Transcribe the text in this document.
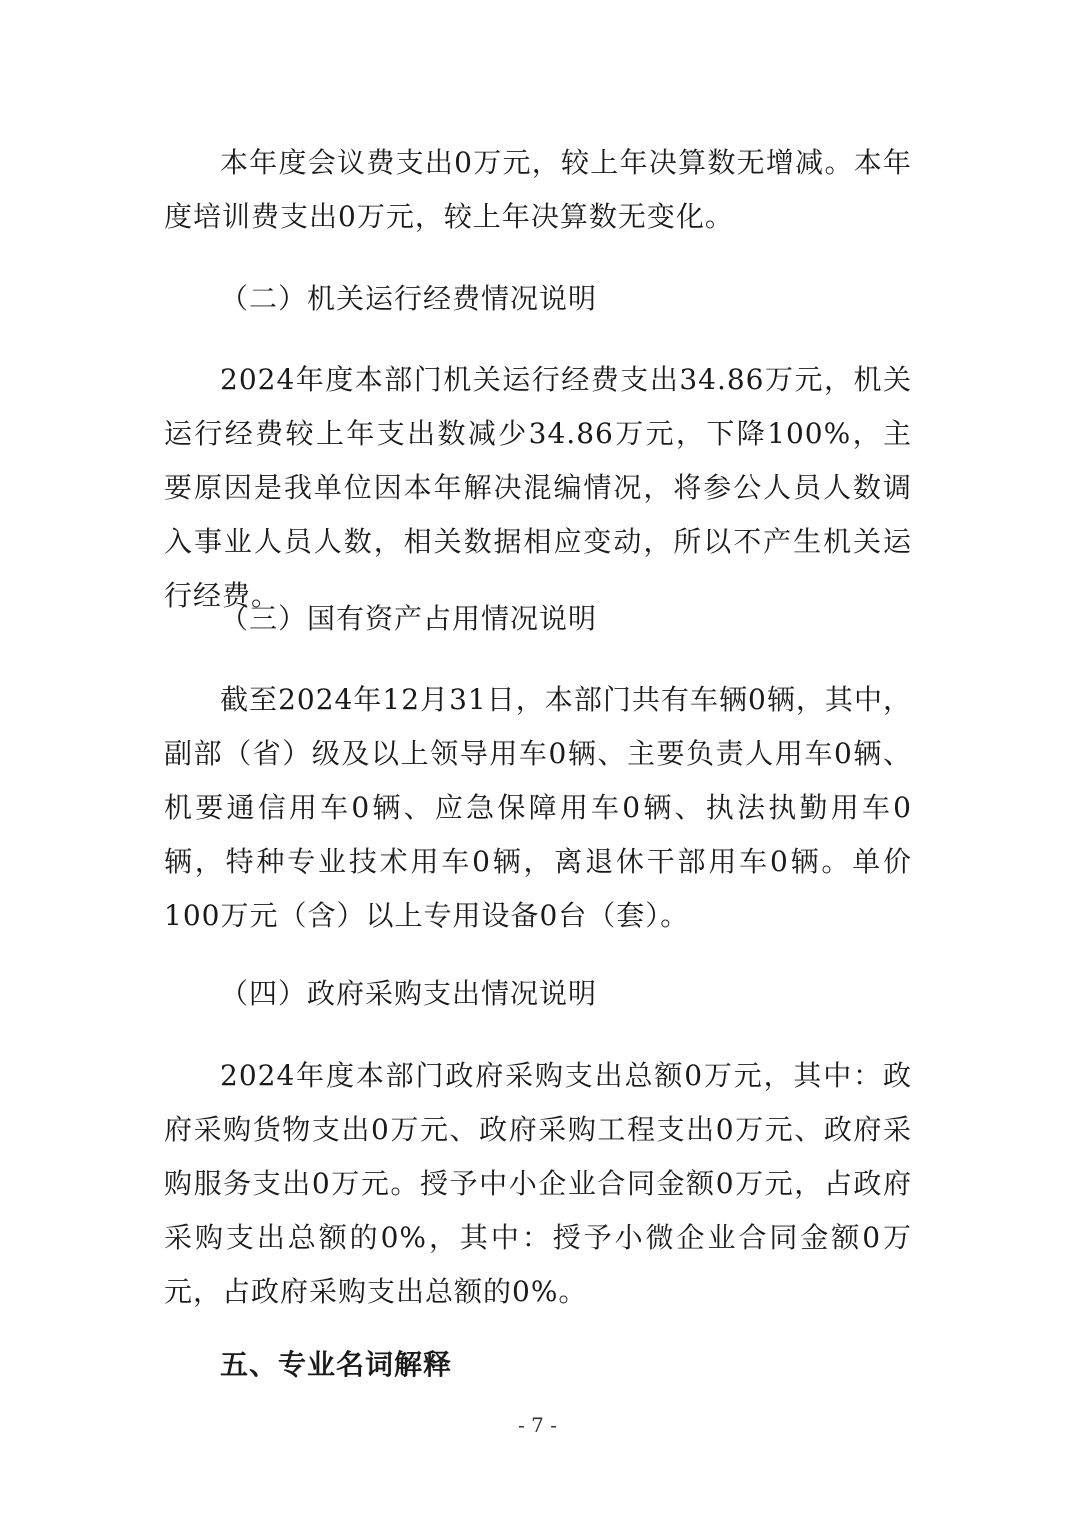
本年度会议费支出0万元，较上年决算数无增减。本年度培训费支出0万元，较上年决算数无变化。

（二）机关运行经费情况说明

2024年度本部门机关运行经费支出34.86万元，机关运行经费较上年支出数减少34.86万元，下降100%，主要原因是我单位因本年解决混编情况，将参公人员人数调入事业人员人数，相关数据相应变动，所以不产生机关运行经费。

（三）国有资产占用情况说明

截至2024年12月31日，本部门共有车辆0辆，其中，副部（省）级及以上领导用车0辆、主要负责人用车0辆、机要通信用车0辆、应急保障用车0辆、执法执勤用车0辆，特种专业技术用车0辆，离退休干部用车0辆。单价100万元（含）以上专用设备0台（套）。

（四）政府采购支出情况说明

2024年度本部门政府采购支出总额0万元，其中：政府采购货物支出0万元、政府采购工程支出0万元、政府采购服务支出0万元。授予中小企业合同金额0万元，占政府采购支出总额的0%，其中：授予小微企业合同金额0万元，占政府采购支出总额的0%。

五、专业名词解释

- 7 -
